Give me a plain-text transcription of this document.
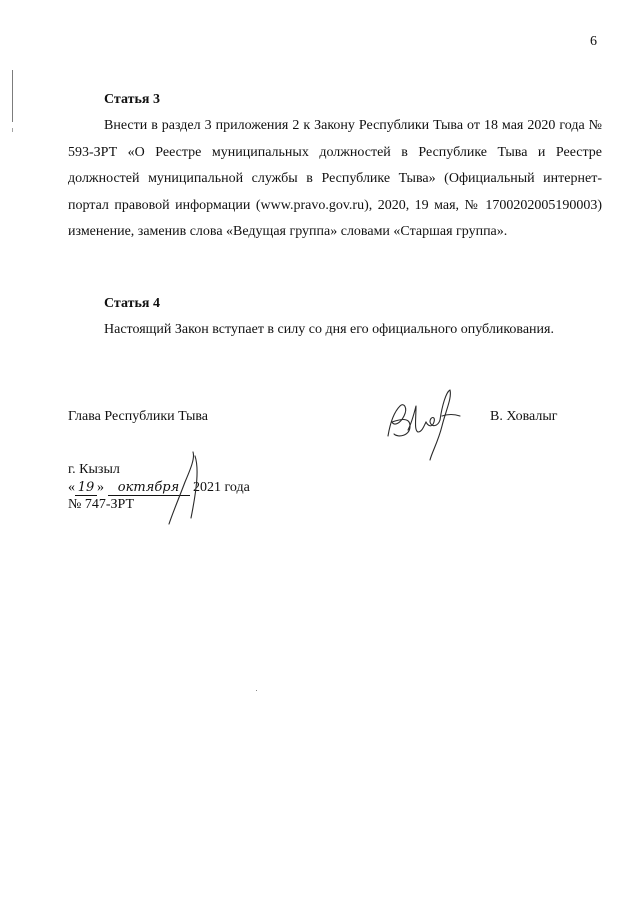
6
Статья 3

Внести в раздел 3 приложения 2 к Закону Республики Тыва от 18 мая 2020 года № 593-ЗРТ «О Реестре муниципальных должностей в Республике Тыва и Реестре должностей муниципальной службы в Республике Тыва» (Официальный интернет-портал правовой информации (www.pravo.gov.ru), 2020, 19 мая, № 1700202005190003) изменение, заменив слова «Ведущая группа» словами «Старшая группа».

Статья 4

Настоящий Закон вступает в силу со дня его официального опубликования.

Глава Республики Тыва	В. Ховалыг
г. Кызыл
« 19 » октября 2021 года
№ 747-ЗРТ
